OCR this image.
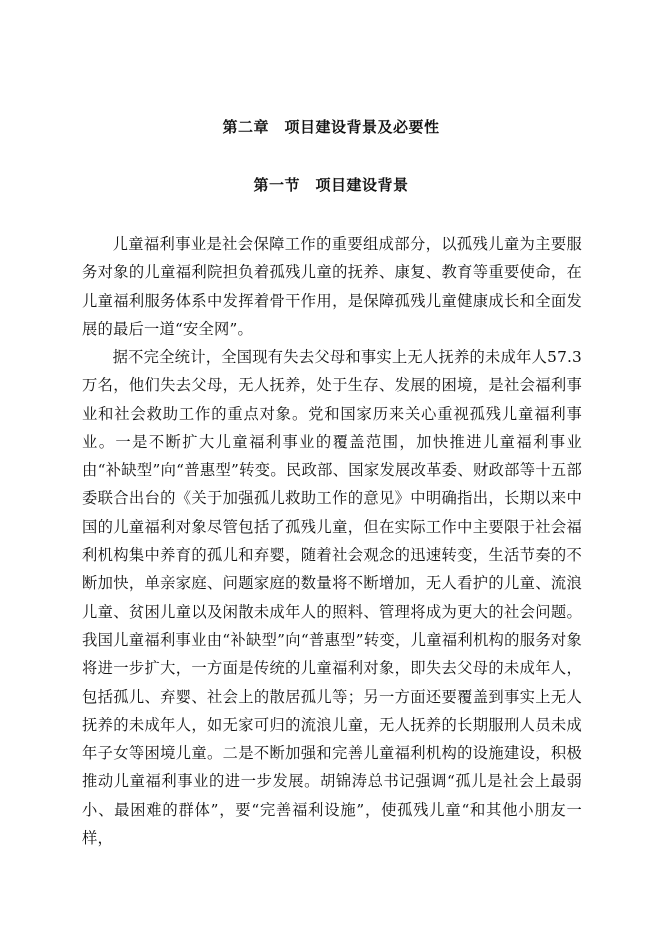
第二章　项目建设背景及必要性
第一节　项目建设背景

儿童福利事业是社会保障工作的重要组成部分，以孤残儿童为主要服务对象的儿童福利院担负着孤残儿童的抚养、康复、教育等重要使命，在儿童福利服务体系中发挥着骨干作用，是保障孤残儿童健康成长和全面发展的最后一道“安全网”。

据不完全统计，全国现有失去父母和事实上无人抚养的未成年人57.3万名，他们失去父母，无人抚养，处于生存、发展的困境，是社会福利事业和社会救助工作的重点对象。党和国家历来关心重视孤残儿童福利事业。一是不断扩大儿童福利事业的覆盖范围，加快推进儿童福利事业由“补缺型”向“普惠型”转变。民政部、国家发展改革委、财政部等十五部委联合出台的《关于加强孤儿救助工作的意见》中明确指出，长期以来中国的儿童福利对象尽管包括了孤残儿童，但在实际工作中主要限于社会福利机构集中养育的孤儿和弃婴，随着社会观念的迅速转变，生活节奏的不断加快，单亲家庭、问题家庭的数量将不断增加，无人看护的儿童、流浪儿童、贫困儿童以及闲散未成年人的照料、管理将成为更大的社会问题。我国儿童福利事业由“补缺型”向“普惠型”转变，儿童福利机构的服务对象将进一步扩大，一方面是传统的儿童福利对象，即失去父母的未成年人，包括孤儿、弃婴、社会上的散居孤儿等；另一方面还要覆盖到事实上无人抚养的未成年人，如无家可归的流浪儿童，无人抚养的长期服刑人员未成年子女等困境儿童。二是不断加强和完善儿童福利机构的设施建设，积极推动儿童福利事业的进一步发展。胡锦涛总书记强调“孤儿是社会上最弱小、最困难的群体”，要“完善福利设施”，使孤残儿童“和其他小朋友一样，
